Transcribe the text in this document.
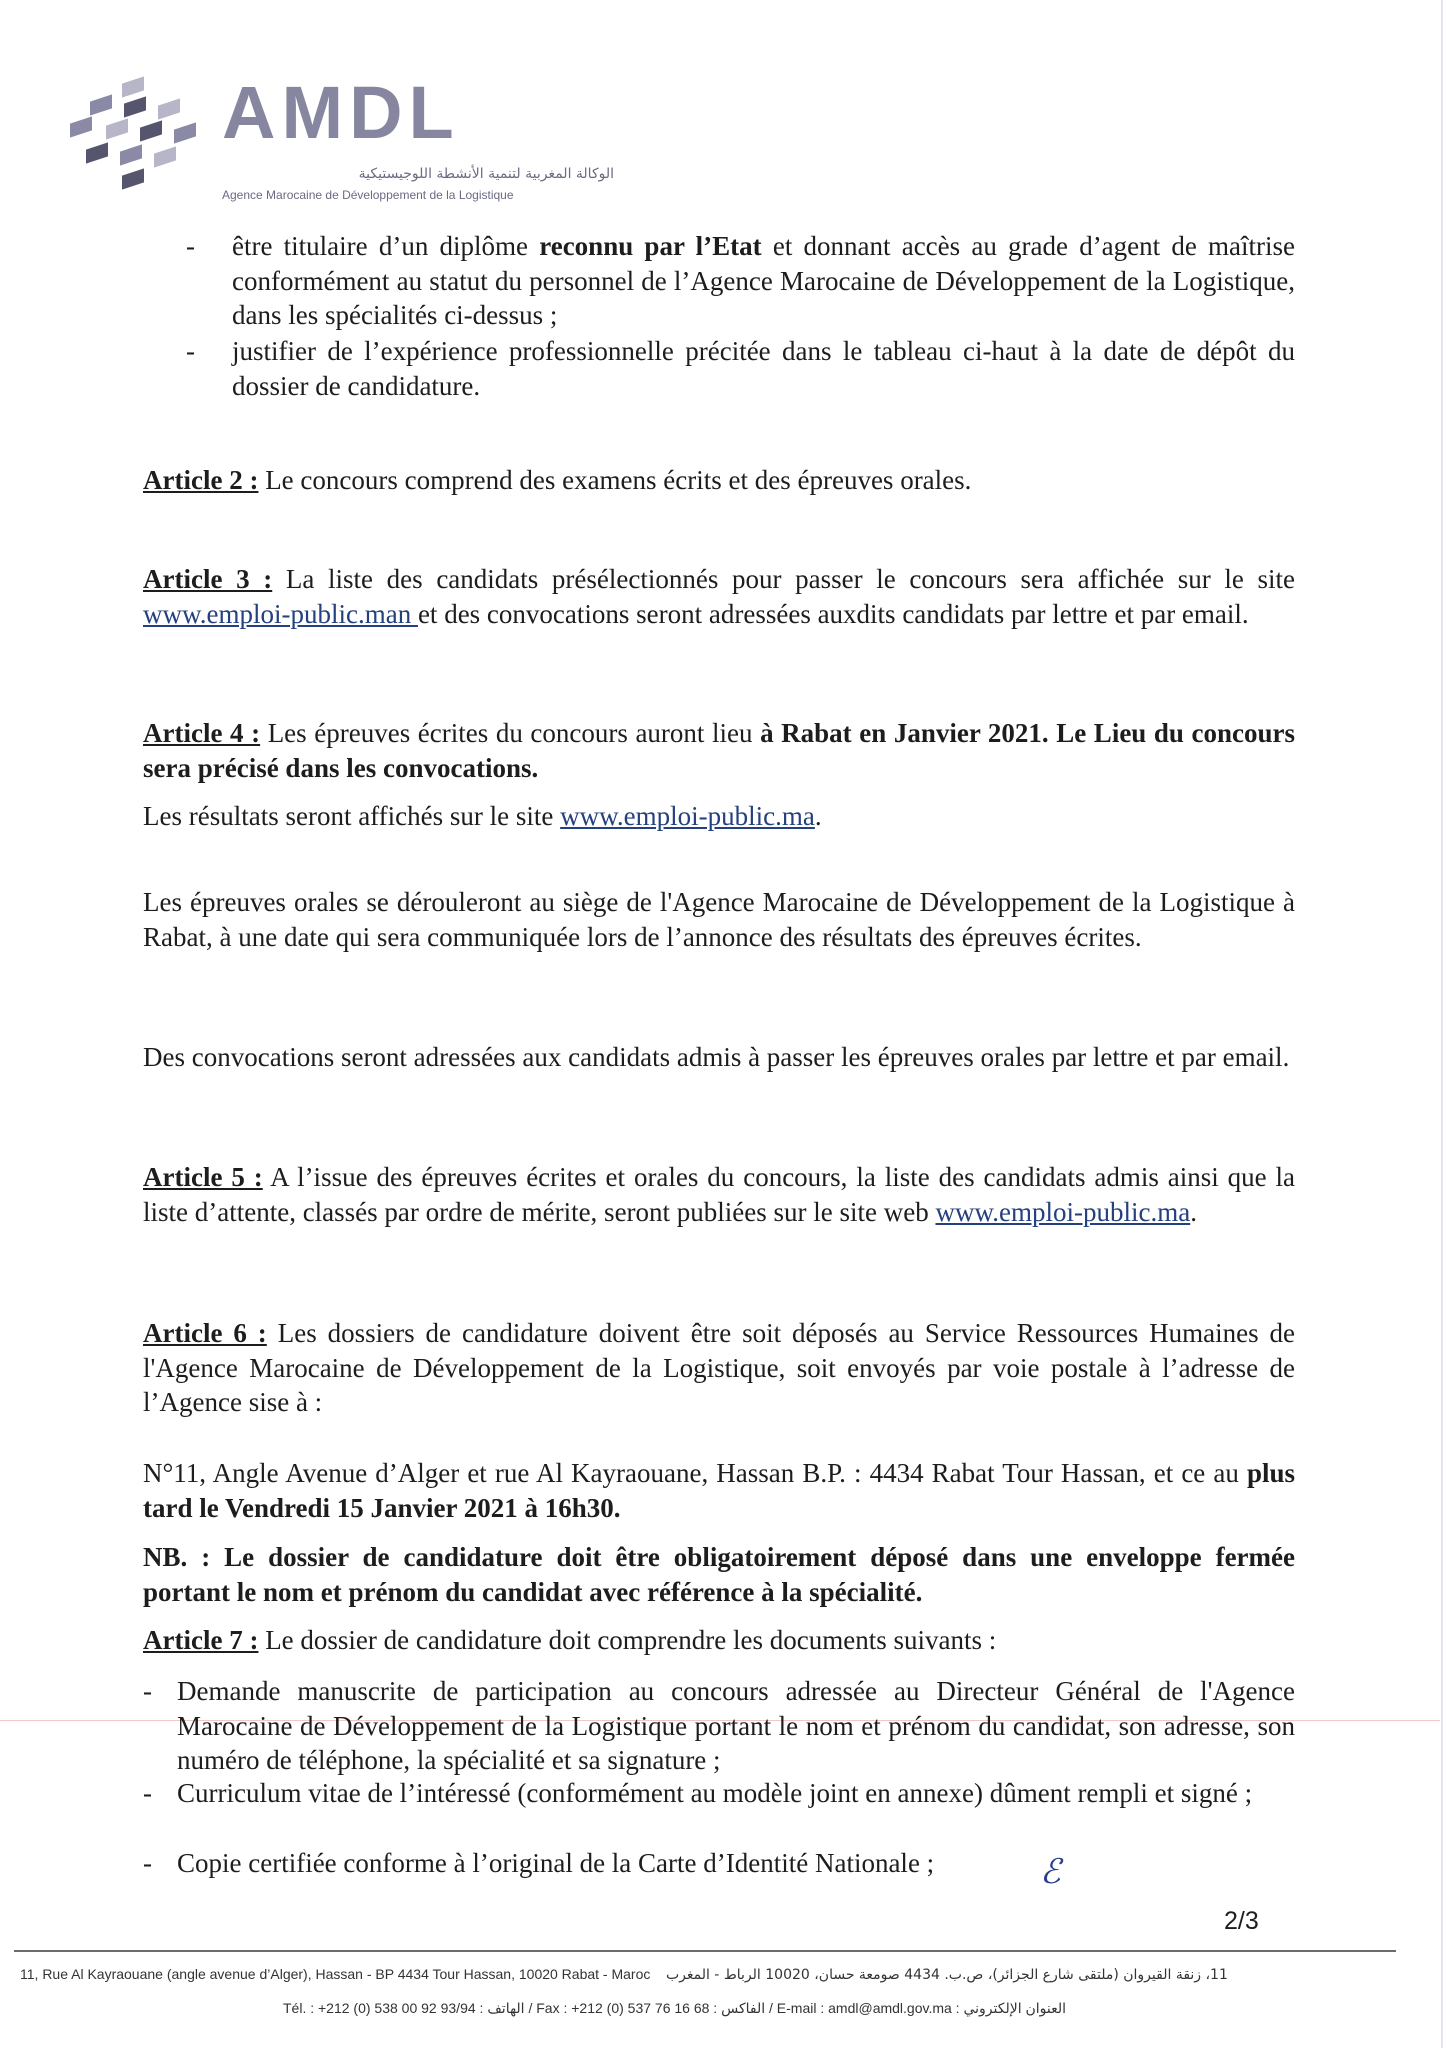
AMDL
الوكالة المغربية لتنمية الأنشطة اللوجيستيكية
Agence Marocaine de Développement de la Logistique
- être titulaire d’un diplôme reconnu par l’Etat et donnant accès au grade d’agent de maîtrise conformément au statut du personnel de l’Agence Marocaine de Développement de la Logistique, dans les spécialités ci-dessus ;
- justifier de l’expérience professionnelle précitée dans le tableau ci-haut à la date de dépôt du dossier de candidature.
Article 2 : Le concours comprend des examens écrits et des épreuves orales.
Article 3 : La liste des candidats présélectionnés pour passer le concours sera affichée sur le site www.emploi-public.man et des convocations seront adressées auxdits candidats par lettre et par email.
Article 4 : Les épreuves écrites du concours auront lieu à Rabat en Janvier 2021. Le Lieu du concours sera précisé dans les convocations.
Les résultats seront affichés sur le site www.emploi-public.ma.
Les épreuves orales se dérouleront au siège de l'Agence Marocaine de Développement de la Logistique à Rabat, à une date qui sera communiquée lors de l’annonce des résultats des épreuves écrites.
Des convocations seront adressées aux candidats admis à passer les épreuves orales par lettre et par email.
Article 5 : A l’issue des épreuves écrites et orales du concours, la liste des candidats admis ainsi que la liste d’attente, classés par ordre de mérite, seront publiées sur le site web www.emploi-public.ma.
Article 6 : Les dossiers de candidature doivent être soit déposés au Service Ressources Humaines de l'Agence Marocaine de Développement de la Logistique, soit envoyés par voie postale à l’adresse de l’Agence sise à :
N°11, Angle Avenue d’Alger et rue Al Kayraouane, Hassan B.P. : 4434 Rabat Tour Hassan, et ce au plus tard le Vendredi 15 Janvier 2021 à 16h30.
NB. : Le dossier de candidature doit être obligatoirement déposé dans une enveloppe fermée portant le nom et prénom du candidat avec référence à la spécialité.
Article 7 : Le dossier de candidature doit comprendre les documents suivants :
- Demande manuscrite de participation au concours adressée au Directeur Général de l'Agence Marocaine de Développement de la Logistique portant le nom et prénom du candidat, son adresse, son numéro de téléphone, la spécialité et sa signature ;
- Curriculum vitae de l’intéressé (conformément au modèle joint en annexe) dûment rempli et signé ;
- Copie certifiée conforme à l’original de la Carte d’Identité Nationale ;	ℰ
2/3
11, Rue Al Kayraouane (angle avenue d’Alger), Hassan - BP 4434 Tour Hassan, 10020 Rabat - Maroc 11، زنقة القيروان (ملتقى شارع الجزائر)، ص.ب. 4434 صومعة حسان، 10020 الرباط - المغرب
Tél. : +212 (0) 538 00 92 93/94 : الهاتف / Fax : +212 (0) 537 76 16 68 : الفاكس / E-mail : amdl@amdl.gov.ma : العنوان الإلكتروني
